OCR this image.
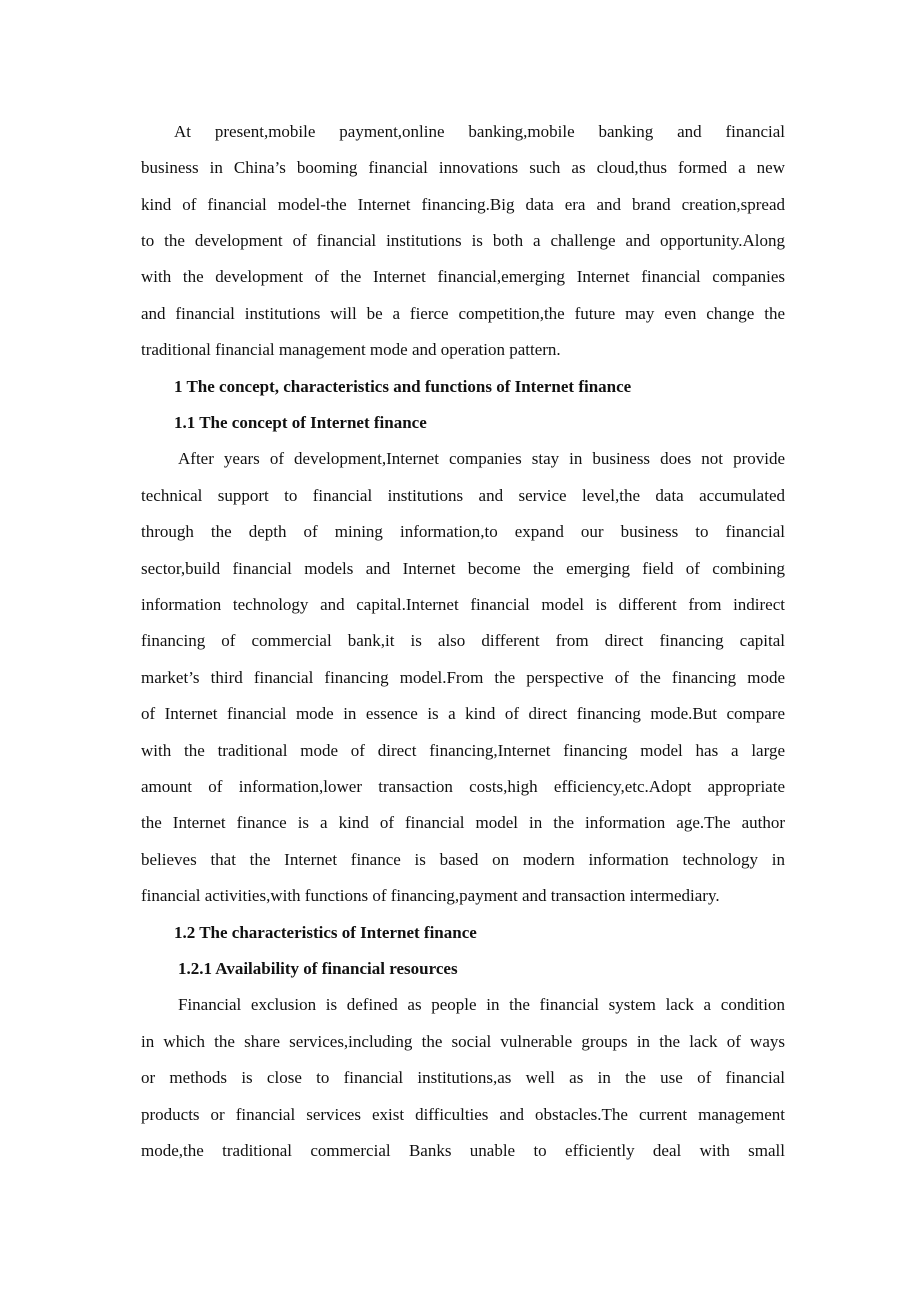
At present,mobile payment,online banking,mobile banking and financial
business in China’s booming financial innovations such as cloud,thus formed a new
kind of financial model-the Internet financing.Big data era and brand creation,spread
to the development of financial institutions is both a challenge and opportunity.Along
with the development of the Internet financial,emerging Internet financial companies
and financial institutions will be a fierce competition,the future may even change the
traditional financial management mode and operation pattern.
1 The concept, characteristics and functions of Internet finance
1.1 The concept of Internet finance
After years of development,Internet companies stay in business does not provide
technical support to financial institutions and service level,the data accumulated
through the depth of mining information,to expand our business to financial
sector,build financial models and Internet become the emerging field of combining
information technology and capital.Internet financial model is different from indirect
financing of commercial bank,it is also different from direct financing capital
market’s third financial financing model.From the perspective of the financing mode
of Internet financial mode in essence is a kind of direct financing mode.But compare
with the traditional mode of direct financing,Internet financing model has a large
amount of information,lower transaction costs,high efficiency,etc.Adopt appropriate
the Internet finance is a kind of financial model in the information age.The author
believes that the Internet finance is based on modern information technology in
financial activities,with functions of financing,payment and transaction intermediary.
1.2 The characteristics of Internet finance
1.2.1 Availability of financial resources
Financial exclusion is defined as people in the financial system lack a condition
in which the share services,including the social vulnerable groups in the lack of ways
or methods is close to financial institutions,as well as in the use of financial
products or financial services exist difficulties and obstacles.The current management
mode,the traditional commercial Banks unable to efficiently deal with small
